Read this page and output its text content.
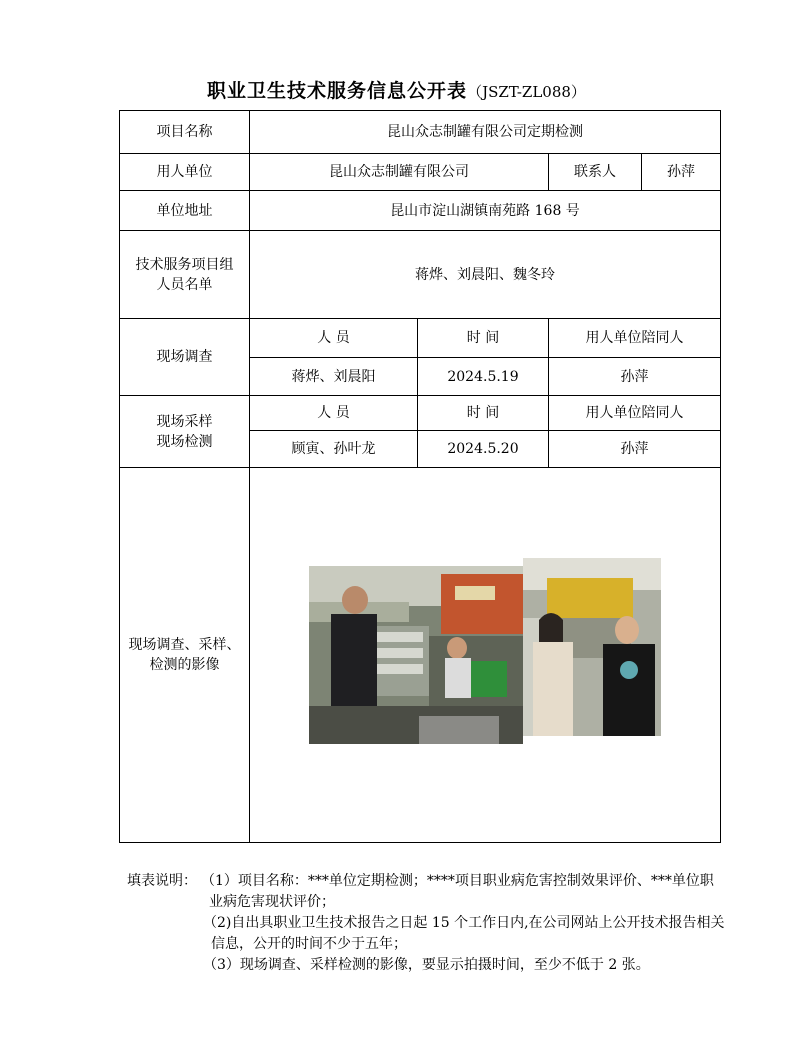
职业卫生技术服务信息公开表（JSZT-ZL088）
项目名称	昆山众志制罐有限公司定期检测			
用人单位	昆山众志制罐有限公司		联系人	孙萍
单位地址	昆山市淀山湖镇南苑路 168 号			

技术服务项目组
人员名单	蒋烨、刘晨阳、魏冬玲			
现场调查	人 员	时 间	用人单位陪同人	
	蒋烨、刘晨阳	2024.5.19	孙萍	

现场采样
现场检测	人 员	时 间	用人单位陪同人	
	顾寅、孙叶龙	2024.5.20	孙萍	

现场调查、采样、
检测的影像

填表说明： （1）项目名称：***单位定期检测；****项目职业病危害控制效果评价、***单位职
业病危害现状评价；
（2)自出具职业卫生技术报告之日起 15 个工作日内,在公司网站上公开技术报告相关
信息，公开的时间不少于五年；
（3）现场调查、采样检测的影像，要显示拍摄时间，至少不低于 2 张。
